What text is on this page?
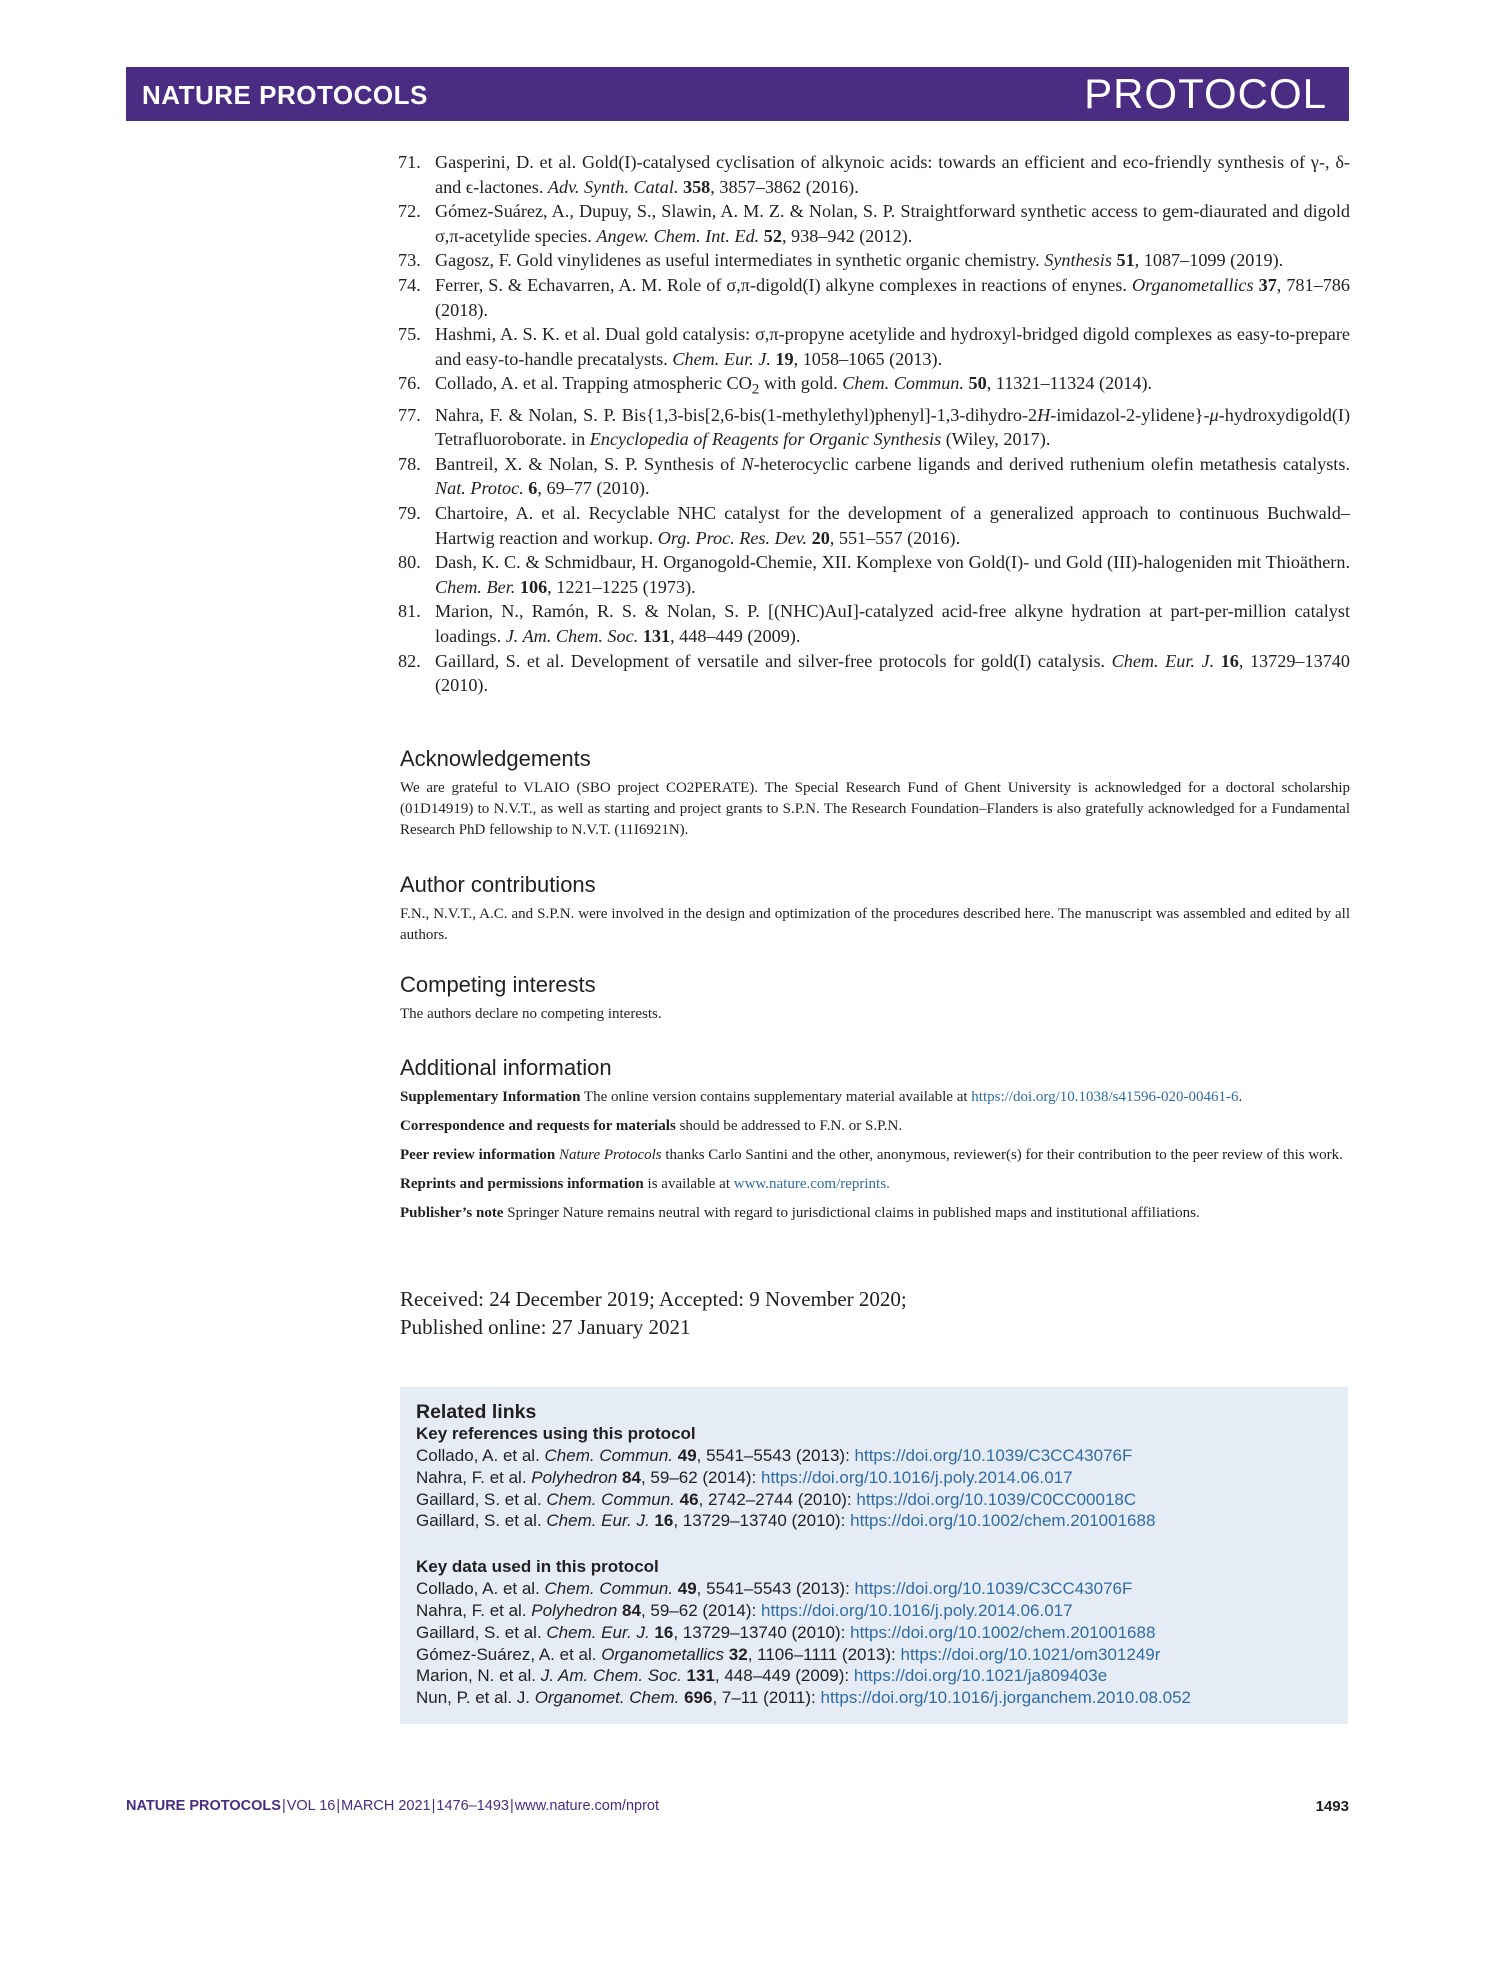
NATURE PROTOCOLS	PROTOCOL
71. Gasperini, D. et al. Gold(I)-catalysed cyclisation of alkynoic acids: towards an efficient and eco-friendly synthesis of γ-, δ- and ϵ-lactones. Adv. Synth. Catal. 358, 3857–3862 (2016).
72. Gómez-Suárez, A., Dupuy, S., Slawin, A. M. Z. & Nolan, S. P. Straightforward synthetic access to gem-diaurated and digold σ,π-acetylide species. Angew. Chem. Int. Ed. 52, 938–942 (2012).
73. Gagosz, F. Gold vinylidenes as useful intermediates in synthetic organic chemistry. Synthesis 51, 1087–1099 (2019).
74. Ferrer, S. & Echavarren, A. M. Role of σ,π-digold(I) alkyne complexes in reactions of enynes. Organometallics 37, 781–786 (2018).
75. Hashmi, A. S. K. et al. Dual gold catalysis: σ,π-propyne acetylide and hydroxyl-bridged digold complexes as easy-to-prepare and easy-to-handle precatalysts. Chem. Eur. J. 19, 1058–1065 (2013).
76. Collado, A. et al. Trapping atmospheric $CO_2$ with gold. Chem. Commun. 50, 11321–11324 (2014).
77. Nahra, F. & Nolan, S. P. Bis{1,3-bis[2,6-bis(1-methylethyl)phenyl]-1,3-dihydro-2H-imidazol-2-ylidene}-μ-hydroxydigold(I) Tetrafluoroborate. in Encyclopedia of Reagents for Organic Synthesis (Wiley, 2017).
78. Bantreil, X. & Nolan, S. P. Synthesis of N-heterocyclic carbene ligands and derived ruthenium olefin metathesis catalysts. Nat. Protoc. 6, 69–77 (2010).
79. Chartoire, A. et al. Recyclable NHC catalyst for the development of a generalized approach to continuous Buchwald–Hartwig reaction and workup. Org. Proc. Res. Dev. 20, 551–557 (2016).
80. Dash, K. C. & Schmidbaur, H. Organogold-Chemie, XII. Komplexe von Gold(I)- und Gold (III)-halogeniden mit Thioäthern. Chem. Ber. 106, 1221–1225 (1973).
81. Marion, N., Ramón, R. S. & Nolan, S. P. [(NHC)AuI]-catalyzed acid-free alkyne hydration at part-per-million catalyst loadings. J. Am. Chem. Soc. 131, 448–449 (2009).
82. Gaillard, S. et al. Development of versatile and silver-free protocols for gold(I) catalysis. Chem. Eur. J. 16, 13729–13740 (2010).
Acknowledgements

We are grateful to VLAIO (SBO project CO2PERATE). The Special Research Fund of Ghent University is acknowledged for a doctoral scholarship (01D14919) to N.V.T., as well as starting and project grants to S.P.N. The Research Foundation–Flanders is also gratefully acknowledged for a Fundamental Research PhD fellowship to N.V.T. (11I6921N).

Author contributions

F.N., N.V.T., A.C. and S.P.N. were involved in the design and optimization of the procedures described here. The manuscript was assembled and edited by all authors.

Competing interests

The authors declare no competing interests.

Additional information

Supplementary Information The online version contains supplementary material available at https://doi.org/10.1038/s41596-020-00461-6.

Correspondence and requests for materials should be addressed to F.N. or S.P.N.

Peer review information Nature Protocols thanks Carlo Santini and the other, anonymous, reviewer(s) for their contribution to the peer review of this work.

Reprints and permissions information is available at www.nature.com/reprints.

Publisher’s note Springer Nature remains neutral with regard to jurisdictional claims in published maps and institutional affiliations.

Received: 24 December 2019; Accepted: 9 November 2020;
Published online: 27 January 2021
Related links
Key references using this protocol
Collado, A. et al. Chem. Commun. 49, 5541–5543 (2013): https://doi.org/10.1039/C3CC43076F
Nahra, F. et al. Polyhedron 84, 59–62 (2014): https://doi.org/10.1016/j.poly.2014.06.017
Gaillard, S. et al. Chem. Commun. 46, 2742–2744 (2010): https://doi.org/10.1039/C0CC00018C
Gaillard, S. et al. Chem. Eur. J. 16, 13729–13740 (2010): https://doi.org/10.1002/chem.201001688
Key data used in this protocol
Collado, A. et al. Chem. Commun. 49, 5541–5543 (2013): https://doi.org/10.1039/C3CC43076F
Nahra, F. et al. Polyhedron 84, 59–62 (2014): https://doi.org/10.1016/j.poly.2014.06.017
Gaillard, S. et al. Chem. Eur. J. 16, 13729–13740 (2010): https://doi.org/10.1002/chem.201001688
Gómez-Suárez, A. et al. Organometallics 32, 1106–1111 (2013): https://doi.org/10.1021/om301249r
Marion, N. et al. J. Am. Chem. Soc. 131, 448–449 (2009): https://doi.org/10.1021/ja809403e
Nun, P. et al. J. Organomet. Chem. 696, 7–11 (2011): https://doi.org/10.1016/j.jorganchem.2010.08.052
NATURE PROTOCOLS|VOL 16|MARCH 2021|1476–1493|www.nature.com/nprot	1493
